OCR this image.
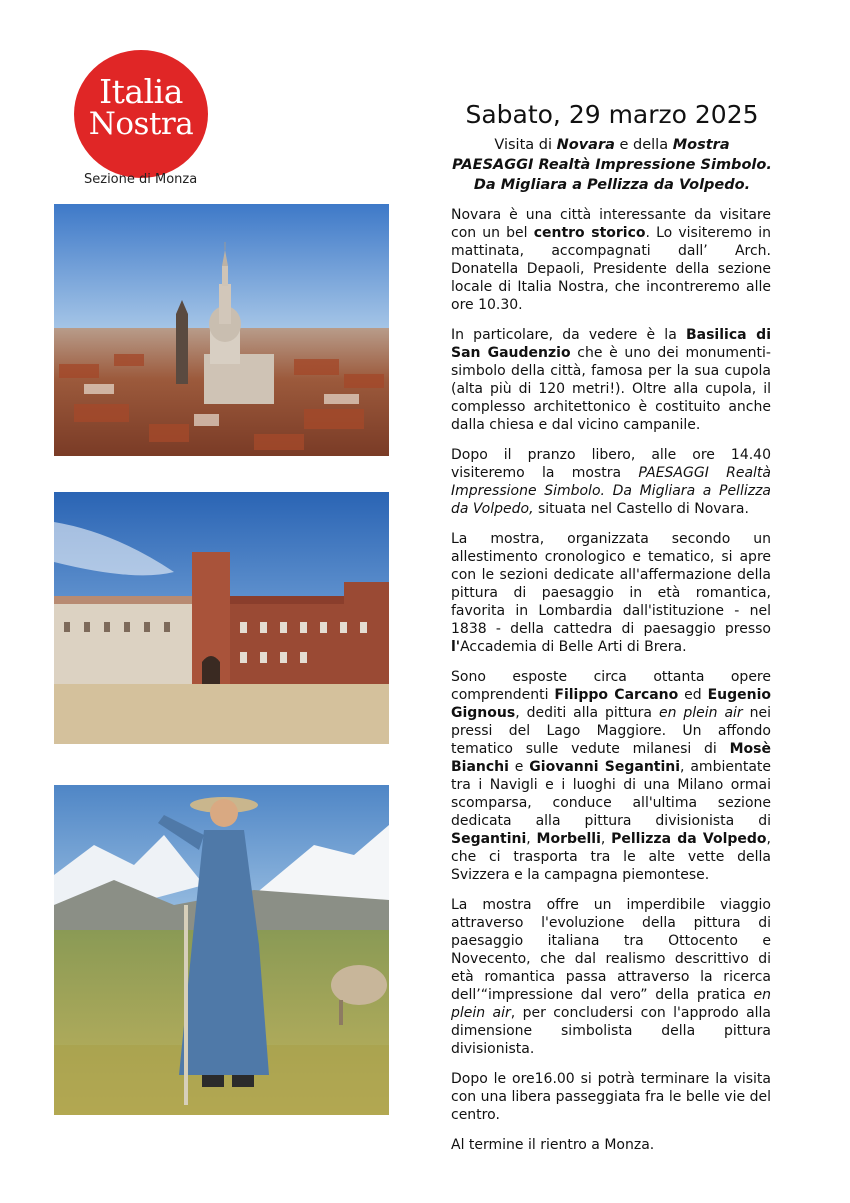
Italia
Nostra
Sezione di Monza
Sabato, 29 marzo 2025

Visita di Novara e della Mostra

PAESAGGI Realtà Impressione Simbolo.

Da Migliara a Pellizza da Volpedo.

Novara è una città interessante da visitare con un bel centro storico. Lo visiteremo in mattinata, accompagnati dall’ Arch. Donatella Depaoli, Presidente della sezione locale di Italia Nostra, che incontreremo alle ore 10.30.

In particolare, da vedere è la Basilica di San Gaudenzio che è uno dei monumenti-simbolo della città, famosa per la sua cupola (alta più di 120 metri!). Oltre alla cupola, il complesso architettonico è costituito anche dalla chiesa e dal vicino campanile.

Dopo il pranzo libero, alle ore 14.40 visiteremo la mostra PAESAGGI Realtà Impressione Simbolo. Da Migliara a Pellizza da Volpedo, situata nel Castello di Novara.

La mostra, organizzata secondo un allestimento cronologico e tematico, si apre con le sezioni dedicate all'affermazione della pittura di paesaggio in età romantica, favorita in Lombardia dall'istituzione - nel 1838 - della cattedra di paesaggio presso l'Accademia di Belle Arti di Brera.

Sono esposte circa ottanta opere comprendenti Filippo Carcano ed Eugenio Gignous, dediti alla pittura en plein air nei pressi del Lago Maggiore. Un affondo tematico sulle vedute milanesi di Mosè Bianchi e Giovanni Segantini, ambientate tra i Navigli e i luoghi di una Milano ormai scomparsa, conduce all'ultima sezione dedicata alla pittura divisionista di Segantini, Morbelli, Pellizza da Volpedo, che ci trasporta tra le alte vette della Svizzera e la campagna piemontese.

La mostra offre un imperdibile viaggio attraverso l'evoluzione della pittura di paesaggio italiana tra Ottocento e Novecento, che dal realismo descrittivo di età romantica passa attraverso la ricerca dell’“impressione dal vero” della pratica en plein air, per concludersi con l'approdo alla dimensione simbolista della pittura divisionista.

Dopo le ore16.00 si potrà terminare la visita con una libera passeggiata fra le belle vie del centro.

Al termine il rientro a Monza.
